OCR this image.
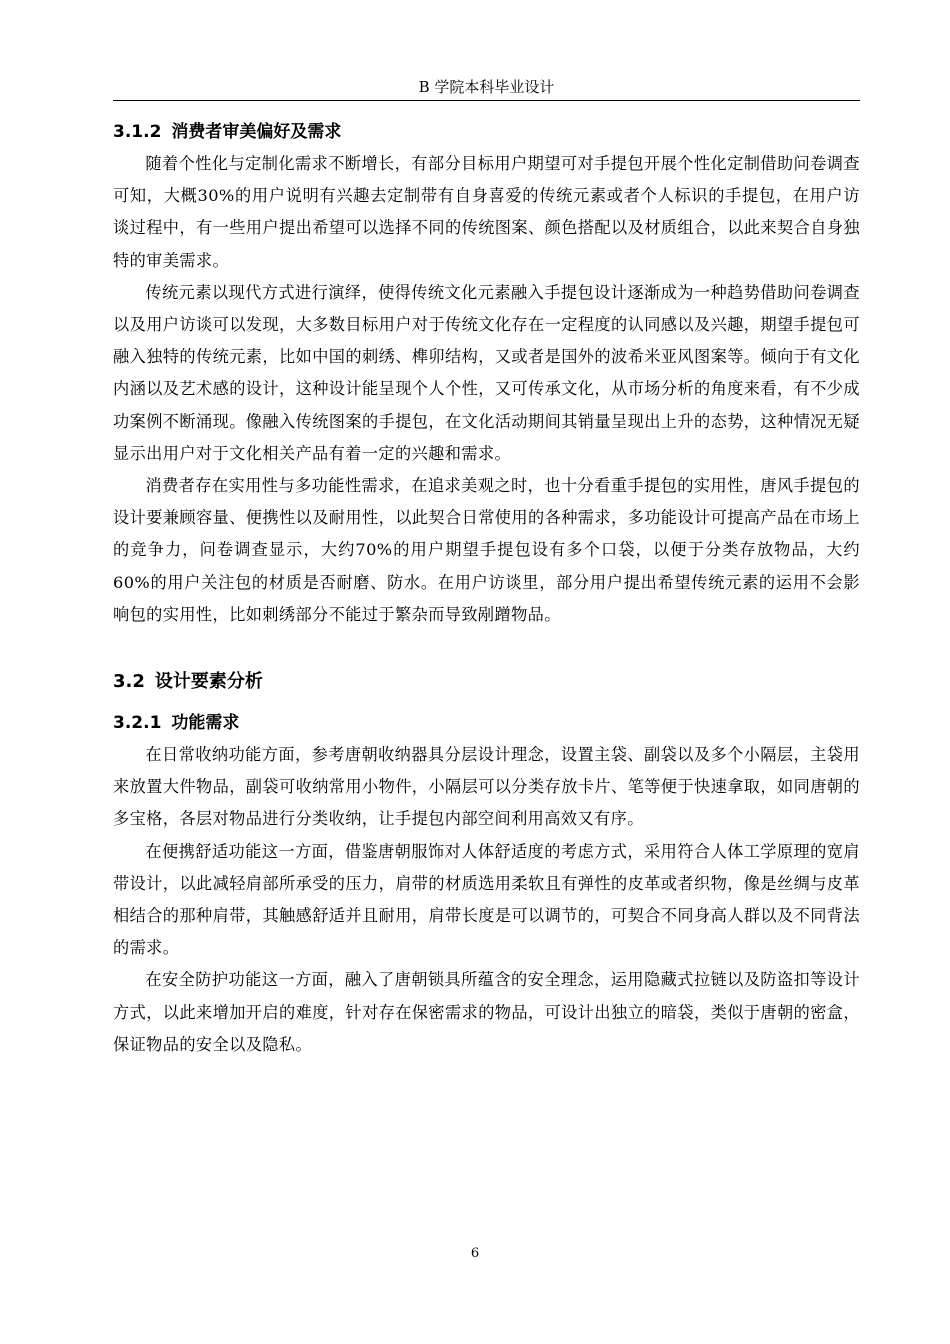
B 学院本科毕业设计
3.1.2 消费者审美偏好及需求

随着个性化与定制化需求不断增长，有部分目标用户期望可对手提包开展个性化定制借助问卷调查可知，大概30%的用户说明有兴趣去定制带有自身喜爱的传统元素或者个人标识的手提包，在用户访谈过程中，有一些用户提出希望可以选择不同的传统图案、颜色搭配以及材质组合，以此来契合自身独特的审美需求。

传统元素以现代方式进行演绎，使得传统文化元素融入手提包设计逐渐成为一种趋势借助问卷调查以及用户访谈可以发现，大多数目标用户对于传统文化存在一定程度的认同感以及兴趣，期望手提包可融入独特的传统元素，比如中国的刺绣、榫卯结构，又或者是国外的波希米亚风图案等。倾向于有文化内涵以及艺术感的设计，这种设计能呈现个人个性，又可传承文化，从市场分析的角度来看，有不少成功案例不断涌现。像融入传统图案的手提包，在文化活动期间其销量呈现出上升的态势，这种情况无疑显示出用户对于文化相关产品有着一定的兴趣和需求。

消费者存在实用性与多功能性需求，在追求美观之时，也十分看重手提包的实用性，唐风手提包的设计要兼顾容量、便携性以及耐用性，以此契合日常使用的各种需求，多功能设计可提高产品在市场上的竞争力，问卷调查显示，大约70%的用户期望手提包设有多个口袋，以便于分类存放物品，大约60%的用户关注包的材质是否耐磨、防水。在用户访谈里，部分用户提出希望传统元素的运用不会影响包的实用性，比如刺绣部分不能过于繁杂而导致剐蹭物品。

3.2 设计要素分析
3.2.1 功能需求

在日常收纳功能方面，参考唐朝收纳器具分层设计理念，设置主袋、副袋以及多个小隔层，主袋用来放置大件物品，副袋可收纳常用小物件，小隔层可以分类存放卡片、笔等便于快速拿取，如同唐朝的多宝格，各层对物品进行分类收纳，让手提包内部空间利用高效又有序。

在便携舒适功能这一方面，借鉴唐朝服饰对人体舒适度的考虑方式，采用符合人体工学原理的宽肩带设计，以此减轻肩部所承受的压力，肩带的材质选用柔软且有弹性的皮革或者织物，像是丝绸与皮革相结合的那种肩带，其触感舒适并且耐用，肩带长度是可以调节的，可契合不同身高人群以及不同背法的需求。

在安全防护功能这一方面，融入了唐朝锁具所蕴含的安全理念，运用隐藏式拉链以及防盗扣等设计方式，以此来增加开启的难度，针对存在保密需求的物品，可设计出独立的暗袋，类似于唐朝的密盒，保证物品的安全以及隐私。

6
